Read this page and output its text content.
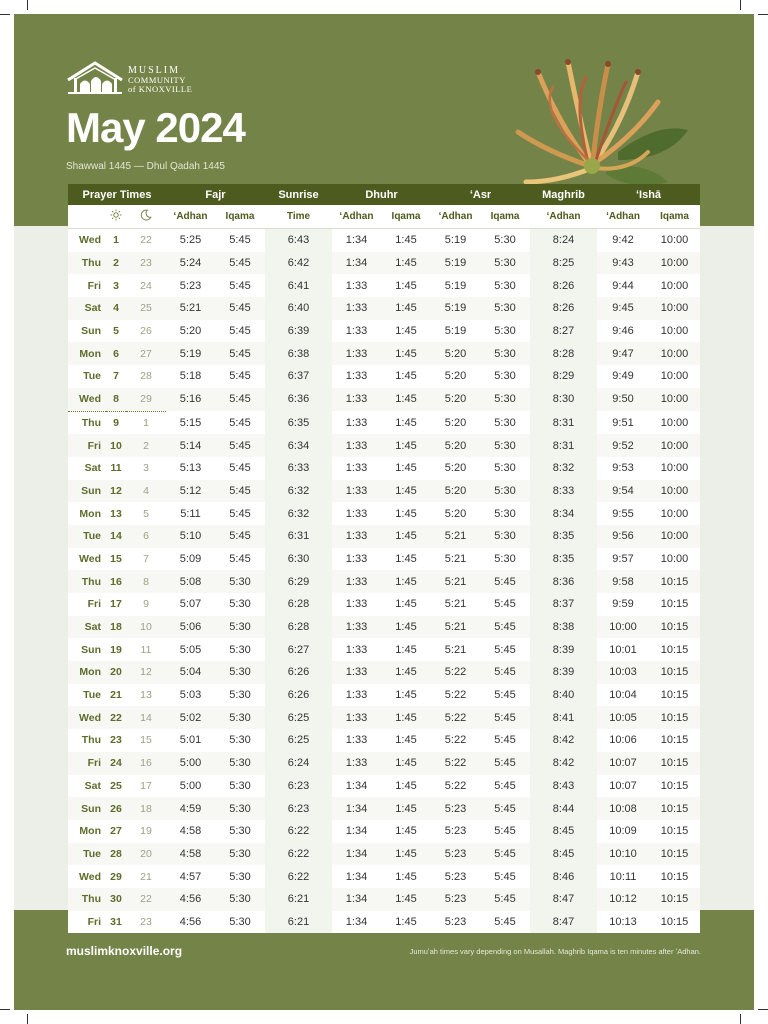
MUSLIM
COMMUNITY
of KNOXVILLE
May 2024
Shawwal 1445 — Dhul Qadah 1445
Prayer Times			Fajr		Sunrise	Dhuhr		ʻAsr		Maghrib	ʻIshā	
			ʻAdhan	Iqama	Time	ʻAdhan	Iqama	ʻAdhan	Iqama	ʻAdhan	ʻAdhan	Iqama
Wed	1	22	5:25	5:45	6:43	1:34	1:45	5:19	5:30	8:24	9:42	10:00
Thu	2	23	5:24	5:45	6:42	1:34	1:45	5:19	5:30	8:25	9:43	10:00
Fri	3	24	5:23	5:45	6:41	1:33	1:45	5:19	5:30	8:26	9:44	10:00
Sat	4	25	5:21	5:45	6:40	1:33	1:45	5:19	5:30	8:26	9:45	10:00
Sun	5	26	5:20	5:45	6:39	1:33	1:45	5:19	5:30	8:27	9:46	10:00
Mon	6	27	5:19	5:45	6:38	1:33	1:45	5:20	5:30	8:28	9:47	10:00
Tue	7	28	5:18	5:45	6:37	1:33	1:45	5:20	5:30	8:29	9:49	10:00
Wed	8	29	5:16	5:45	6:36	1:33	1:45	5:20	5:30	8:30	9:50	10:00
Thu	9	1	5:15	5:45	6:35	1:33	1:45	5:20	5:30	8:31	9:51	10:00
Fri	10	2	5:14	5:45	6:34	1:33	1:45	5:20	5:30	8:31	9:52	10:00
Sat	11	3	5:13	5:45	6:33	1:33	1:45	5:20	5:30	8:32	9:53	10:00
Sun	12	4	5:12	5:45	6:32	1:33	1:45	5:20	5:30	8:33	9:54	10:00
Mon	13	5	5:11	5:45	6:32	1:33	1:45	5:20	5:30	8:34	9:55	10:00
Tue	14	6	5:10	5:45	6:31	1:33	1:45	5:21	5:30	8:35	9:56	10:00
Wed	15	7	5:09	5:45	6:30	1:33	1:45	5:21	5:30	8:35	9:57	10:00
Thu	16	8	5:08	5:30	6:29	1:33	1:45	5:21	5:45	8:36	9:58	10:15
Fri	17	9	5:07	5:30	6:28	1:33	1:45	5:21	5:45	8:37	9:59	10:15
Sat	18	10	5:06	5:30	6:28	1:33	1:45	5:21	5:45	8:38	10:00	10:15
Sun	19	11	5:05	5:30	6:27	1:33	1:45	5:21	5:45	8:39	10:01	10:15
Mon	20	12	5:04	5:30	6:26	1:33	1:45	5:22	5:45	8:39	10:03	10:15
Tue	21	13	5:03	5:30	6:26	1:33	1:45	5:22	5:45	8:40	10:04	10:15
Wed	22	14	5:02	5:30	6:25	1:33	1:45	5:22	5:45	8:41	10:05	10:15
Thu	23	15	5:01	5:30	6:25	1:33	1:45	5:22	5:45	8:42	10:06	10:15
Fri	24	16	5:00	5:30	6:24	1:33	1:45	5:22	5:45	8:42	10:07	10:15
Sat	25	17	5:00	5:30	6:23	1:34	1:45	5:22	5:45	8:43	10:07	10:15
Sun	26	18	4:59	5:30	6:23	1:34	1:45	5:23	5:45	8:44	10:08	10:15
Mon	27	19	4:58	5:30	6:22	1:34	1:45	5:23	5:45	8:45	10:09	10:15
Tue	28	20	4:58	5:30	6:22	1:34	1:45	5:23	5:45	8:45	10:10	10:15
Wed	29	21	4:57	5:30	6:22	1:34	1:45	5:23	5:45	8:46	10:11	10:15
Thu	30	22	4:56	5:30	6:21	1:34	1:45	5:23	5:45	8:47	10:12	10:15
Fri	31	23	4:56	5:30	6:21	1:34	1:45	5:23	5:45	8:47	10:13	10:15
muslimknoxville.org	Jumuʻah times vary depending on Musallah. Maghrib Iqama is ten minutes after ʻAdhan.
